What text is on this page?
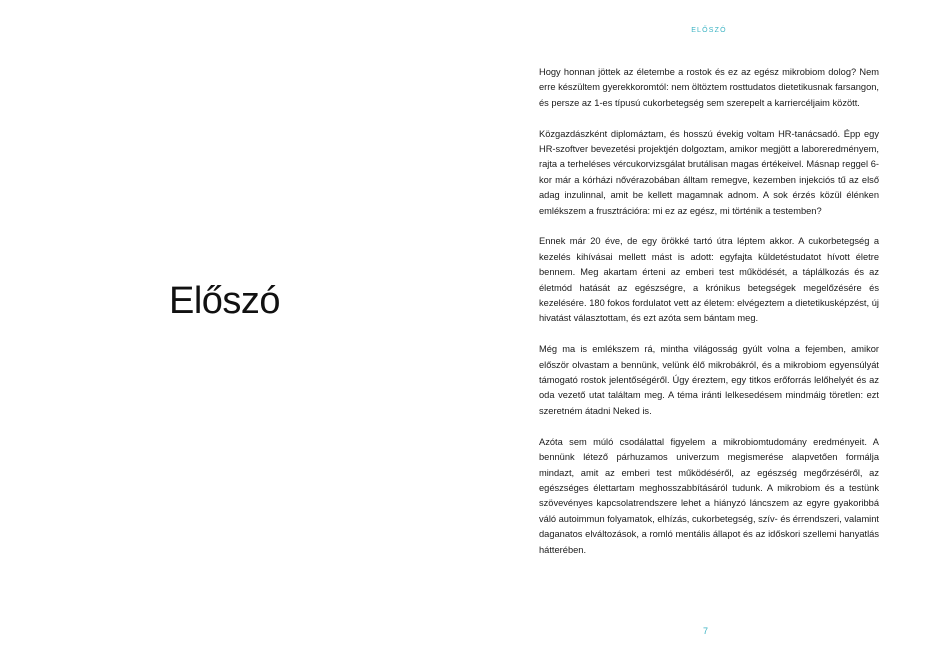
Előszó
ELŐSZÓ

Hogy honnan jöttek az életembe a rostok és ez az egész mikrobiom dolog? Nem erre készültem gyerekkoromtól: nem öltöztem rosttudatos dietetikusnak farsangon, és persze az 1-es típusú cukorbetegség sem szerepelt a karriercéljaim között.

Közgazdászként diplomáztam, és hosszú évekig voltam HR-tanácsadó. Épp egy HR-szoftver bevezetési projektjén dolgoztam, amikor megjött a laboreredményem, rajta a terheléses vércukorvizsgálat brutálisan magas értékeivel. Másnap reggel 6-kor már a kórházi nővérazobában álltam remegve, kezemben injekciós tű az első adag inzulinnal, amit be kellett magamnak adnom. A sok érzés közül élénken emlékszem a frusztrációra: mi ez az egész, mi történik a testemben?

Ennek már 20 éve, de egy örökké tartó útra léptem akkor. A cukorbetegség a kezelés kihívásai mellett mást is adott: egyfajta küldetéstudatot hívott életre bennem. Meg akartam érteni az emberi test működését, a táplálkozás és az életmód hatását az egészségre, a krónikus betegségek megelőzésére és kezelésére. 180 fokos fordulatot vett az életem: elvégeztem a dietetikusképzést, új hivatást választottam, és ezt azóta sem bántam meg.

Még ma is emlékszem rá, mintha világosság gyúlt volna a fejemben, amikor először olvastam a bennünk, velünk élő mikrobákról, és a mikrobiom egyensúlyát támogató rostok jelentőségéről. Úgy éreztem, egy titkos erőforrás lelőhelyét és az oda vezető utat találtam meg. A téma iránti lelkesedésem mindmáig töretlen: ezt szeretném átadni Neked is.

Azóta sem múló csodálattal figyelem a mikrobiomtudomány eredményeit. A bennünk létező párhuzamos univerzum megismerése alapvetően formálja mindazt, amit az emberi test működéséről, az egészség megőrzéséről, az egészséges élettartam meghosszabbításáról tudunk. A mikrobiom és a testünk szövevényes kapcsolatrendszere lehet a hiányzó láncszem az egyre gyakoribbá váló autoimmun folyamatok, elhízás, cukorbetegség, szív- és érrendszeri, valamint daganatos elváltozások, a romló mentális állapot és az időskori szellemi hanyatlás hátterében.

7
